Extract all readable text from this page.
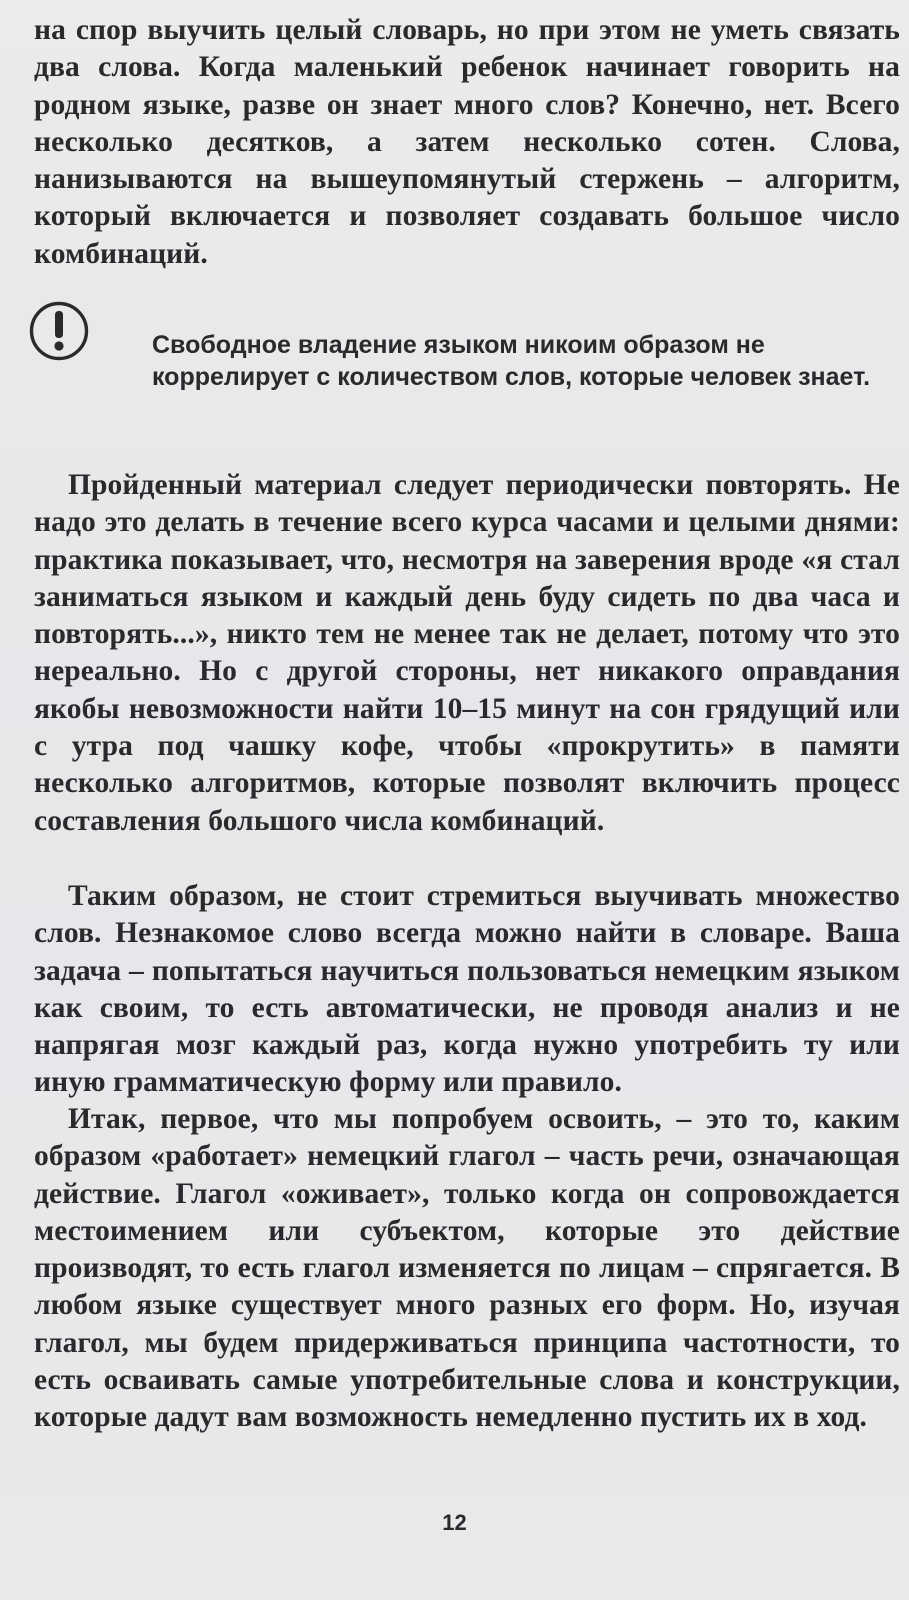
на спор выучить целый словарь, но при этом не уметь связать два слова. Когда маленький ребенок начинает говорить на родном языке, разве он знает много слов? Конечно, нет. Всего несколько десятков, а затем несколько сотен. Слова, нанизываются на вышеупомянутый стержень – алгоритм, который включается и позволяет создавать большое число комбинаций.

Свободное владение языком никоим образом не коррелирует с количеством слов, которые человек знает.

Пройденный материал следует периодически повторять. Не надо это делать в течение всего курса часами и целыми днями: практика показывает, что, несмотря на заверения вроде «я стал заниматься языком и каждый день буду сидеть по два часа и повторять...», никто тем не менее так не делает, потому что это нереально. Но с другой стороны, нет никакого оправдания якобы невозможности найти 10–15 минут на сон грядущий или с утра под чашку кофе, чтобы «прокрутить» в памяти несколько алгоритмов, которые позволят включить процесс составления большого числа комбинаций.

Таким образом, не стоит стремиться выучивать множество слов. Незнакомое слово всегда можно найти в словаре. Ваша задача – попытаться научиться пользоваться немецким языком как своим, то есть автоматически, не проводя анализ и не напрягая мозг каждый раз, когда нужно употребить ту или иную грамматическую форму или правило.

Итак, первое, что мы попробуем освоить, – это то, каким образом «работает» немецкий глагол – часть речи, означающая действие. Глагол «оживает», только когда он сопровождается местоимением или субъектом, которые это действие производят, то есть глагол изменяется по лицам – спрягается. В любом языке существует много разных его форм. Но, изучая глагол, мы будем придерживаться принципа частотности, то есть осваивать самые употребительные слова и конструкции, которые дадут вам возможность немедленно пустить их в ход.

12
